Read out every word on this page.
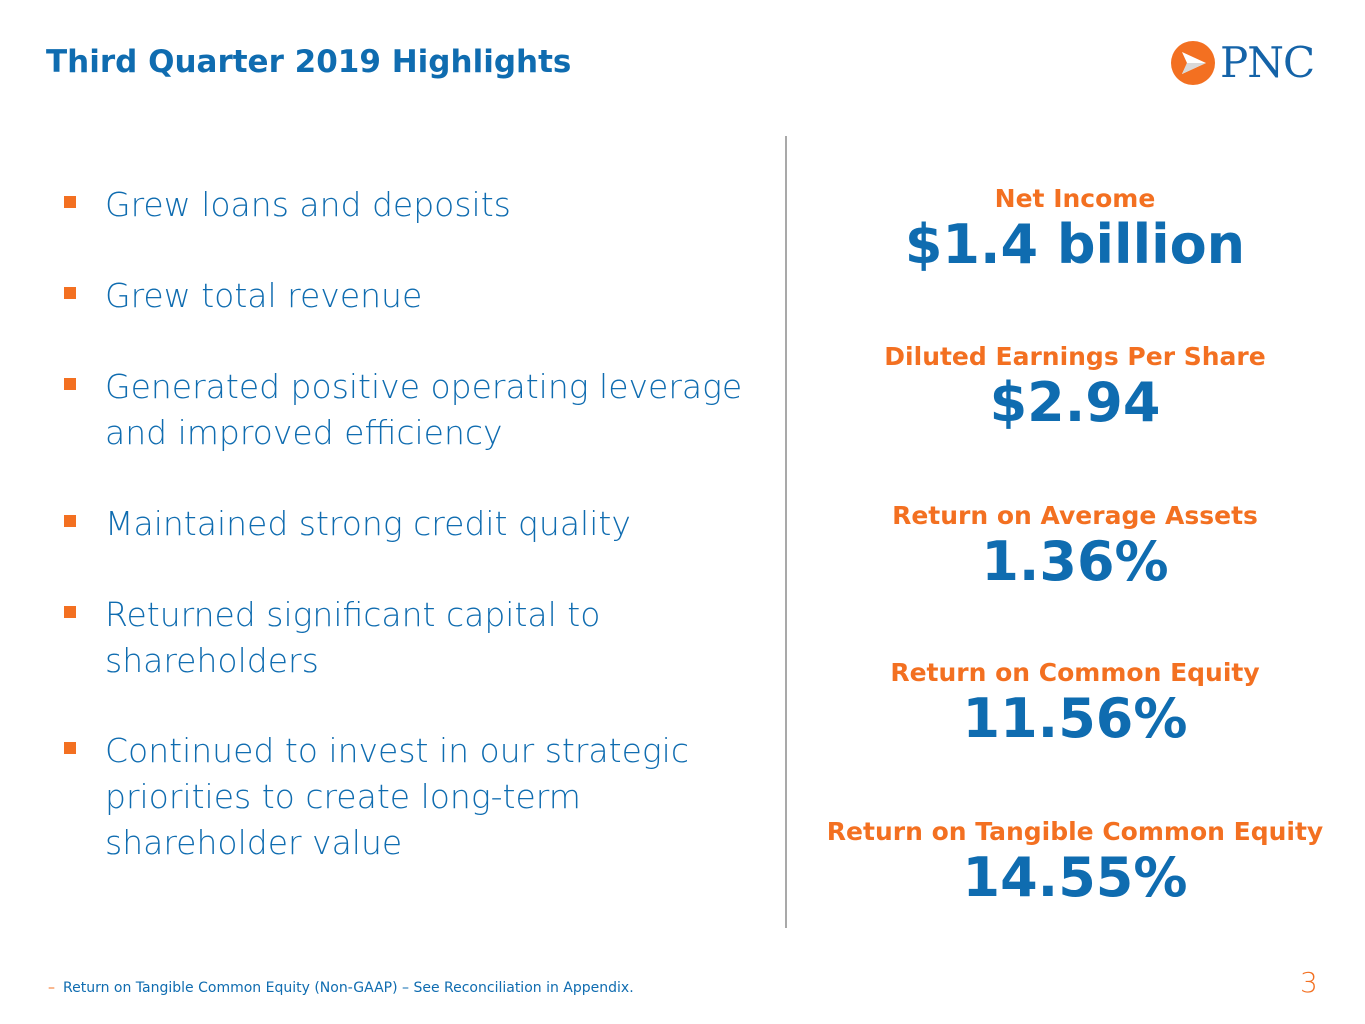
Third Quarter 2019 Highlights	PNC
Grew loans and deposits
Grew total revenue
Generated positive operating leverage
and improved efficiency
Maintained strong credit quality
Returned significant capital to
shareholders
Continued to invest in our strategic
priorities to create long-term
shareholder value
Net Income
$1.4 billion
Diluted Earnings Per Share
$2.94
Return on Average Assets
1.36%
Return on Common Equity
11.56%
Return on Tangible Common Equity
14.55%
– Return on Tangible Common Equity (Non-GAAP) – See Reconciliation in Appendix.	3
